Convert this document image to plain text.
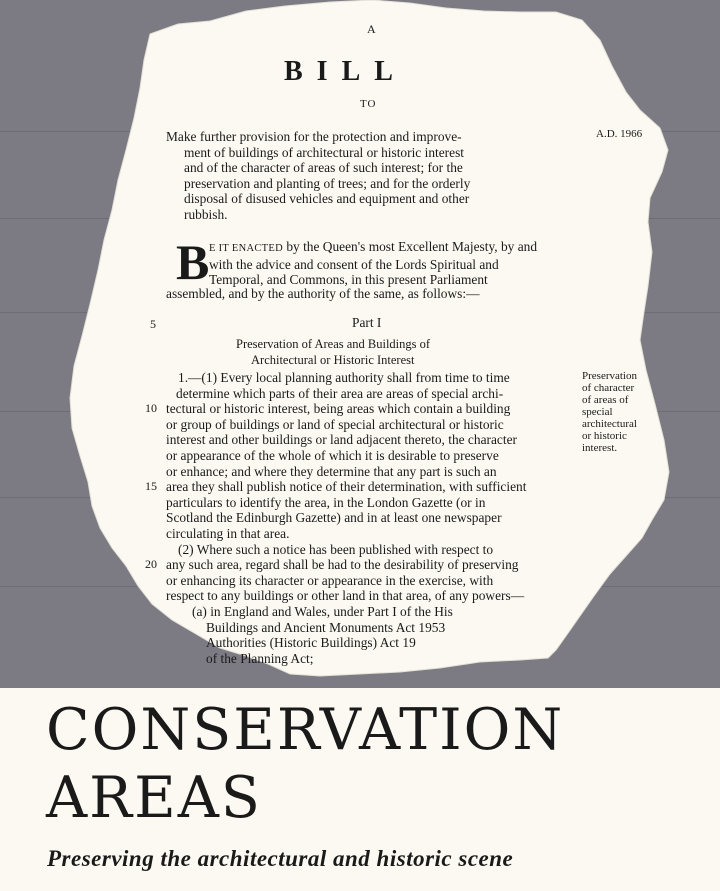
A
BILL
TO
A.D. 1966
Make further provision for the protection and improve-
ment of buildings of architectural or historic interest
and of the character of areas of such interest; for the
preservation and planting of trees; and for the orderly
disposal of disused vehicles and equipment and other
rubbish.
B E IT ENACTED by the Queen's most Excellent Majesty, by and
with the advice and consent of the Lords Spiritual and
Temporal, and Commons, in this present Parliament
assembled, and by the authority of the same, as follows:—
5
10
15
20
Part I
Preservation of Areas and Buildings of
Architectural or Historic Interest
1.—(1) Every local planning authority shall from time to time
determine which parts of their area are areas of special archi-
tectural or historic interest, being areas which contain a building
or group of buildings or land of special architectural or historic
interest and other buildings or land adjacent thereto, the character
or appearance of the whole of which it is desirable to preserve
or enhance; and where they determine that any part is such an
area they shall publish notice of their determination, with sufficient
particulars to identify the area, in the London Gazette (or in
Scotland the Edinburgh Gazette) and in at least one newspaper
circulating in that area.
(2) Where such a notice has been published with respect to
any such area, regard shall be had to the desirability of preserving
or enhancing its character or appearance in the exercise, with
respect to any buildings or other land in that area, of any powers—
(a) in England and Wales, under Part I of the His
Buildings and Ancient Monuments Act 1953
Authorities (Historic Buildings) Act 19
of the Planning Act;
Preservation
of character
of areas of
special
architectural
or historic
interest.
CONSERVATION
AREAS
Preserving the architectural and historic scene
